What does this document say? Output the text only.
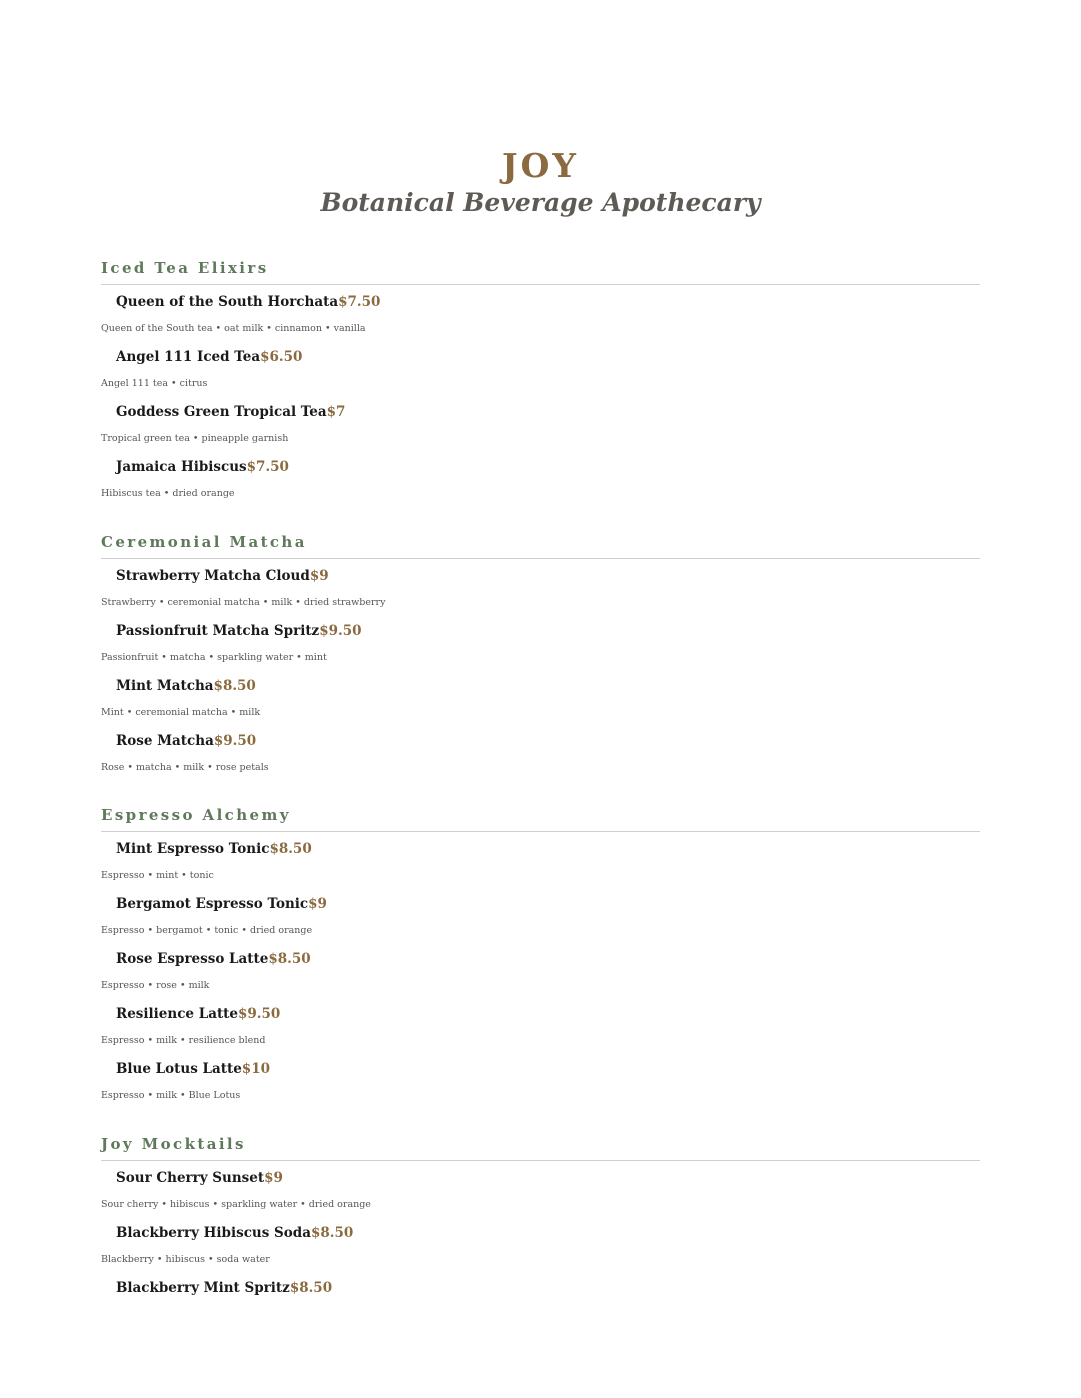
JOY
Botanical Beverage Apothecary
Iced Tea Elixirs
Queen of the South Horchata$7.50
Queen of the South tea • oat milk • cinnamon • vanilla
Angel 111 Iced Tea$6.50
Angel 111 tea • citrus
Goddess Green Tropical Tea$7
Tropical green tea • pineapple garnish
Jamaica Hibiscus$7.50
Hibiscus tea • dried orange
Ceremonial Matcha
Strawberry Matcha Cloud$9
Strawberry • ceremonial matcha • milk • dried strawberry
Passionfruit Matcha Spritz$9.50
Passionfruit • matcha • sparkling water • mint
Mint Matcha$8.50
Mint • ceremonial matcha • milk
Rose Matcha$9.50
Rose • matcha • milk • rose petals
Espresso Alchemy
Mint Espresso Tonic$8.50
Espresso • mint • tonic
Bergamot Espresso Tonic$9
Espresso • bergamot • tonic • dried orange
Rose Espresso Latte$8.50
Espresso • rose • milk
Resilience Latte$9.50
Espresso • milk • resilience blend
Blue Lotus Latte$10
Espresso • milk • Blue Lotus
Joy Mocktails
Sour Cherry Sunset$9
Sour cherry • hibiscus • sparkling water • dried orange
Blackberry Hibiscus Soda$8.50
Blackberry • hibiscus • soda water
Blackberry Mint Spritz$8.50
